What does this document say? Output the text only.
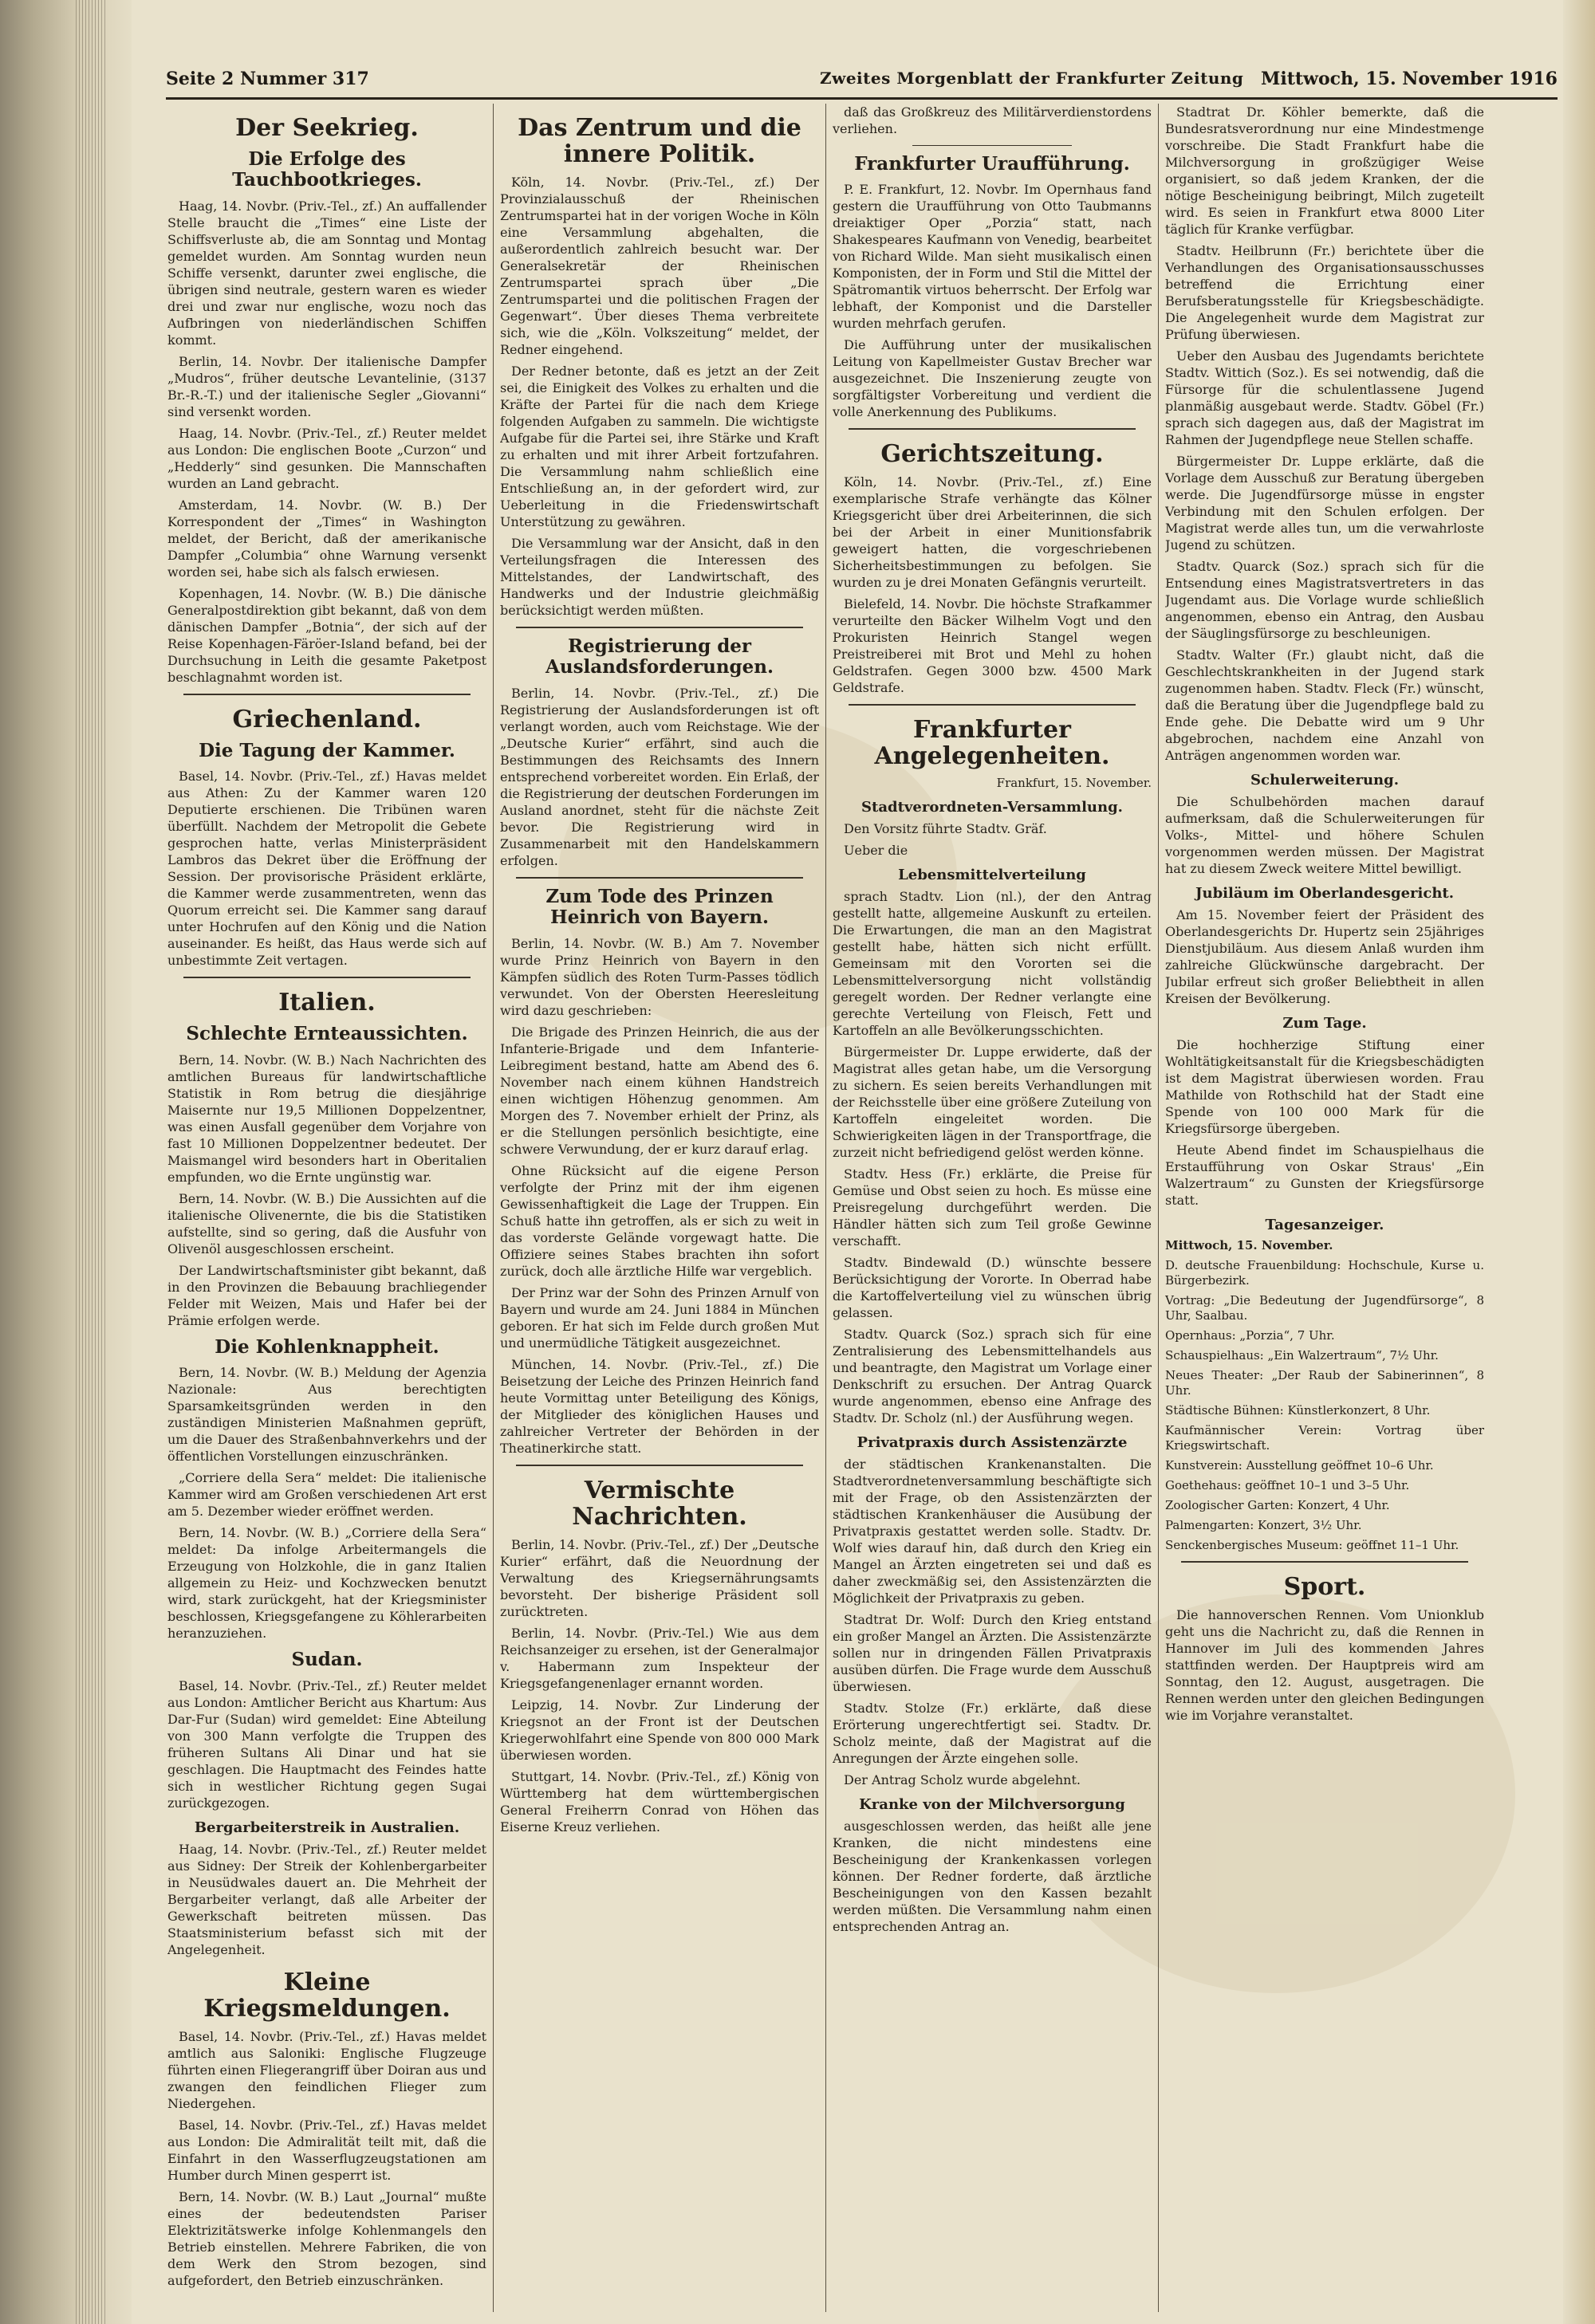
Seite 2 Nummer 317	Zweites Morgenblatt der Frankfurter Zeitung Mittwoch, 15. November 1916
Der Seekrieg.
Die Erfolge des Tauchbootkrieges.

Haag, 14. Novbr. (Priv.-Tel., zf.) An auffallender Stelle braucht die „Times“ eine Liste der Schiffsverluste ab, die am Sonntag und Montag gemeldet wurden. Am Sonntag wurden neun Schiffe versenkt, darunter zwei englische, die übrigen sind neutrale, gestern waren es wieder drei und zwar nur englische, wozu noch das Aufbringen von niederländischen Schiffen kommt.

Berlin, 14. Novbr. Der italienische Dampfer „Mudros“, früher deutsche Levantelinie, (3137 Br.-R.-T.) und der italienische Segler „Giovanni“ sind versenkt worden.

Haag, 14. Novbr. (Priv.-Tel., zf.) Reuter meldet aus London: Die englischen Boote „Curzon“ und „Hedderly“ sind gesunken. Die Mannschaften wurden an Land gebracht.

Amsterdam, 14. Novbr. (W. B.) Der Korrespondent der „Times“ in Washington meldet, der Bericht, daß der amerikanische Dampfer „Columbia“ ohne Warnung versenkt worden sei, habe sich als falsch erwiesen.

Kopenhagen, 14. Novbr. (W. B.) Die dänische Generalpostdirektion gibt bekannt, daß von dem dänischen Dampfer „Botnia“, der sich auf der Reise Kopenhagen-Färöer-Island befand, bei der Durchsuchung in Leith die gesamte Paketpost beschlagnahmt worden ist.

Griechenland.
Die Tagung der Kammer.

Basel, 14. Novbr. (Priv.-Tel., zf.) Havas meldet aus Athen: Zu der Kammer waren 120 Deputierte erschienen. Die Tribünen waren überfüllt. Nachdem der Metropolit die Gebete gesprochen hatte, verlas Ministerpräsident Lambros das Dekret über die Eröffnung der Session. Der provisorische Präsident erklärte, die Kammer werde zusammentreten, wenn das Quorum erreicht sei. Die Kammer sang darauf unter Hochrufen auf den König und die Nation auseinander. Es heißt, das Haus werde sich auf unbestimmte Zeit vertagen.

Italien.
Schlechte Ernteaussichten.

Bern, 14. Novbr. (W. B.) Nach Nachrichten des amtlichen Bureaus für landwirtschaftliche Statistik in Rom betrug die diesjährige Maisernte nur 19,5 Millionen Doppelzentner, was einen Ausfall gegenüber dem Vorjahre von fast 10 Millionen Doppelzentner bedeutet. Der Maismangel wird besonders hart in Oberitalien empfunden, wo die Ernte ungünstig war.

Bern, 14. Novbr. (W. B.) Die Aussichten auf die italienische Olivenernte, die bis die Statistiken aufstellte, sind so gering, daß die Ausfuhr von Olivenöl ausgeschlossen erscheint.

Der Landwirtschaftsminister gibt bekannt, daß in den Provinzen die Bebauung brachliegender Felder mit Weizen, Mais und Hafer bei der Prämie erfolgen werde.

Die Kohlenknappheit.

Bern, 14. Novbr. (W. B.) Meldung der Agenzia Nazionale: Aus berechtigten Sparsamkeitsgründen werden in den zuständigen Ministerien Maßnahmen geprüft, um die Dauer des Straßenbahnverkehrs und der öffentlichen Vorstellungen einzuschränken.

„Corriere della Sera“ meldet: Die italienische Kammer wird am Großen verschiedenen Art erst am 5. Dezember wieder eröffnet werden.

Bern, 14. Novbr. (W. B.) „Corriere della Sera“ meldet: Da infolge Arbeitermangels die Erzeugung von Holzkohle, die in ganz Italien allgemein zu Heiz- und Kochzwecken benutzt wird, stark zurückgeht, hat der Kriegsminister beschlossen, Kriegsgefangene zu Köhlerarbeiten heranzuziehen.

Sudan.

Basel, 14. Novbr. (Priv.-Tel., zf.) Reuter meldet aus London: Amtlicher Bericht aus Khartum: Aus Dar-Fur (Sudan) wird gemeldet: Eine Abteilung von 300 Mann verfolgte die Truppen des früheren Sultans Ali Dinar und hat sie geschlagen. Die Hauptmacht des Feindes hatte sich in westlicher Richtung gegen Sugai zurückgezogen.

Bergarbeiterstreik in Australien.

Haag, 14. Novbr. (Priv.-Tel., zf.) Reuter meldet aus Sidney: Der Streik der Kohlenbergarbeiter in Neusüdwales dauert an. Die Mehrheit der Bergarbeiter verlangt, daß alle Arbeiter der Gewerkschaft beitreten müssen. Das Staatsministerium befasst sich mit der Angelegenheit.

Kleine Kriegsmeldungen.

Basel, 14. Novbr. (Priv.-Tel., zf.) Havas meldet amtlich aus Saloniki: Englische Flugzeuge führten einen Fliegerangriff über Doiran aus und zwangen den feindlichen Flieger zum Niedergehen.

Basel, 14. Novbr. (Priv.-Tel., zf.) Havas meldet aus London: Die Admiralität teilt mit, daß die Einfahrt in den Wasserflugzeugstationen am Humber durch Minen gesperrt ist.

Bern, 14. Novbr. (W. B.) Laut „Journal“ mußte eines der bedeutendsten Pariser Elektrizitätswerke infolge Kohlenmangels den Betrieb einstellen. Mehrere Fabriken, die von dem Werk den Strom bezogen, sind aufgefordert, den Betrieb einzuschränken.

Das Zentrum und die innere Politik.

Köln, 14. Novbr. (Priv.-Tel., zf.) Der Provinzialausschuß der Rheinischen Zentrumspartei hat in der vorigen Woche in Köln eine Versammlung abgehalten, die außerordentlich zahlreich besucht war. Der Generalsekretär der Rheinischen Zentrumspartei sprach über „Die Zentrumspartei und die politischen Fragen der Gegenwart“. Über dieses Thema verbreitete sich, wie die „Köln. Volkszeitung“ meldet, der Redner eingehend.

Der Redner betonte, daß es jetzt an der Zeit sei, die Einigkeit des Volkes zu erhalten und die Kräfte der Partei für die nach dem Kriege folgenden Aufgaben zu sammeln. Die wichtigste Aufgabe für die Partei sei, ihre Stärke und Kraft zu erhalten und mit ihrer Arbeit fortzufahren. Die Versammlung nahm schließlich eine Entschließung an, in der gefordert wird, zur Ueberleitung in die Friedenswirtschaft Unterstützung zu gewähren.

Die Versammlung war der Ansicht, daß in den Verteilungsfragen die Interessen des Mittelstandes, der Landwirtschaft, des Handwerks und der Industrie gleichmäßig berücksichtigt werden müßten.

Registrierung der Auslandsforderungen.

Berlin, 14. Novbr. (Priv.-Tel., zf.) Die Registrierung der Auslandsforderungen ist oft verlangt worden, auch vom Reichstage. Wie der „Deutsche Kurier“ erfährt, sind auch die Bestimmungen des Reichsamts des Innern entsprechend vorbereitet worden. Ein Erlaß, der die Registrierung der deutschen Forderungen im Ausland anordnet, steht für die nächste Zeit bevor. Die Registrierung wird in Zusammenarbeit mit den Handelskammern erfolgen.

Zum Tode des Prinzen Heinrich von Bayern.

Berlin, 14. Novbr. (W. B.) Am 7. November wurde Prinz Heinrich von Bayern in den Kämpfen südlich des Roten Turm-Passes tödlich verwundet. Von der Obersten Heeresleitung wird dazu geschrieben:

Die Brigade des Prinzen Heinrich, die aus der Infanterie-Brigade und dem Infanterie-Leibregiment bestand, hatte am Abend des 6. November nach einem kühnen Handstreich einen wichtigen Höhenzug genommen. Am Morgen des 7. November erhielt der Prinz, als er die Stellungen persönlich besichtigte, eine schwere Verwundung, der er kurz darauf erlag.

Ohne Rücksicht auf die eigene Person verfolgte der Prinz mit der ihm eigenen Gewissenhaftigkeit die Lage der Truppen. Ein Schuß hatte ihn getroffen, als er sich zu weit in das vorderste Gelände vorgewagt hatte. Die Offiziere seines Stabes brachten ihn sofort zurück, doch alle ärztliche Hilfe war vergeblich.

Der Prinz war der Sohn des Prinzen Arnulf von Bayern und wurde am 24. Juni 1884 in München geboren. Er hat sich im Felde durch großen Mut und unermüdliche Tätigkeit ausgezeichnet.

München, 14. Novbr. (Priv.-Tel., zf.) Die Beisetzung der Leiche des Prinzen Heinrich fand heute Vormittag unter Beteiligung des Königs, der Mitglieder des königlichen Hauses und zahlreicher Vertreter der Behörden in der Theatinerkirche statt.

Vermischte Nachrichten.

Berlin, 14. Novbr. (Priv.-Tel., zf.) Der „Deutsche Kurier“ erfährt, daß die Neuordnung der Verwaltung des Kriegsernährungsamts bevorsteht. Der bisherige Präsident soll zurücktreten.

Berlin, 14. Novbr. (Priv.-Tel.) Wie aus dem Reichsanzeiger zu ersehen, ist der Generalmajor v. Habermann zum Inspekteur der Kriegsgefangenenlager ernannt worden.

Leipzig, 14. Novbr. Zur Linderung der Kriegsnot an der Front ist der Deutschen Kriegerwohlfahrt eine Spende von 800 000 Mark überwiesen worden.

Stuttgart, 14. Novbr. (Priv.-Tel., zf.) König von Württemberg hat dem württembergischen General Freiherrn Conrad von Höhen das Eiserne Kreuz verliehen.

daß das Großkreuz des Militärverdienstordens verliehen.

Frankfurter Uraufführung.

P. E. Frankfurt, 12. Novbr. Im Opernhaus fand gestern die Uraufführung von Otto Taubmanns dreiaktiger Oper „Porzia“ statt, nach Shakespeares Kaufmann von Venedig, bearbeitet von Richard Wilde. Man sieht musikalisch einen Komponisten, der in Form und Stil die Mittel der Spätromantik virtuos beherrscht. Der Erfolg war lebhaft, der Komponist und die Darsteller wurden mehrfach gerufen.

Die Aufführung unter der musikalischen Leitung von Kapellmeister Gustav Brecher war ausgezeichnet. Die Inszenierung zeugte von sorgfältigster Vorbereitung und verdient die volle Anerkennung des Publikums.

Gerichtszeitung.

Köln, 14. Novbr. (Priv.-Tel., zf.) Eine exemplarische Strafe verhängte das Kölner Kriegsgericht über drei Arbeiterinnen, die sich bei der Arbeit in einer Munitionsfabrik geweigert hatten, die vorgeschriebenen Sicherheitsbestimmungen zu befolgen. Sie wurden zu je drei Monaten Gefängnis verurteilt.

Bielefeld, 14. Novbr. Die höchste Strafkammer verurteilte den Bäcker Wilhelm Vogt und den Prokuristen Heinrich Stangel wegen Preistreiberei mit Brot und Mehl zu hohen Geldstrafen. Gegen 3000 bzw. 4500 Mark Geldstrafe.

Frankfurter Angelegenheiten.

Frankfurt, 15. November.

Stadtverordneten-Versammlung.

Den Vorsitz führte Stadtv. Gräf.

Ueber die

Lebensmittelverteilung

sprach Stadtv. Lion (nl.), der den Antrag gestellt hatte, allgemeine Auskunft zu erteilen. Die Erwartungen, die man an den Magistrat gestellt habe, hätten sich nicht erfüllt. Gemeinsam mit den Vororten sei die Lebensmittelversorgung nicht vollständig geregelt worden. Der Redner verlangte eine gerechte Verteilung von Fleisch, Fett und Kartoffeln an alle Bevölkerungsschichten.

Bürgermeister Dr. Luppe erwiderte, daß der Magistrat alles getan habe, um die Versorgung zu sichern. Es seien bereits Verhandlungen mit der Reichsstelle über eine größere Zuteilung von Kartoffeln eingeleitet worden. Die Schwierigkeiten lägen in der Transportfrage, die zurzeit nicht befriedigend gelöst werden könne.

Stadtv. Hess (Fr.) erklärte, die Preise für Gemüse und Obst seien zu hoch. Es müsse eine Preisregelung durchgeführt werden. Die Händler hätten sich zum Teil große Gewinne verschafft.

Stadtv. Bindewald (D.) wünschte bessere Berücksichtigung der Vororte. In Oberrad habe die Kartoffelverteilung viel zu wünschen übrig gelassen.

Stadtv. Quarck (Soz.) sprach sich für eine Zentralisierung des Lebensmittelhandels aus und beantragte, den Magistrat um Vorlage einer Denkschrift zu ersuchen. Der Antrag Quarck wurde angenommen, ebenso eine Anfrage des Stadtv. Dr. Scholz (nl.) der Ausführung wegen.

Privatpraxis durch Assistenzärzte

der städtischen Krankenanstalten. Die Stadtverordnetenversammlung beschäftigte sich mit der Frage, ob den Assistenzärzten der städtischen Krankenhäuser die Ausübung der Privatpraxis gestattet werden solle. Stadtv. Dr. Wolf wies darauf hin, daß durch den Krieg ein Mangel an Ärzten eingetreten sei und daß es daher zweckmäßig sei, den Assistenzärzten die Möglichkeit der Privatpraxis zu geben.

Stadtrat Dr. Wolf: Durch den Krieg entstand ein großer Mangel an Ärzten. Die Assistenzärzte sollen nur in dringenden Fällen Privatpraxis ausüben dürfen. Die Frage wurde dem Ausschuß überwiesen.

Stadtv. Stolze (Fr.) erklärte, daß diese Erörterung ungerechtfertigt sei. Stadtv. Dr. Scholz meinte, daß der Magistrat auf die Anregungen der Ärzte eingehen solle.

Der Antrag Scholz wurde abgelehnt.

Kranke von der Milchversorgung

ausgeschlossen werden, das heißt alle jene Kranken, die nicht mindestens eine Bescheinigung der Krankenkassen vorlegen können. Der Redner forderte, daß ärztliche Bescheinigungen von den Kassen bezahlt werden müßten. Die Versammlung nahm einen entsprechenden Antrag an.

Stadtrat Dr. Köhler bemerkte, daß die Bundesratsverordnung nur eine Mindestmenge vorschreibe. Die Stadt Frankfurt habe die Milchversorgung in großzügiger Weise organisiert, so daß jedem Kranken, der die nötige Bescheinigung beibringt, Milch zugeteilt wird. Es seien in Frankfurt etwa 8000 Liter täglich für Kranke verfügbar.

Stadtv. Heilbrunn (Fr.) berichtete über die Verhandlungen des Organisationsausschusses betreffend die Errichtung einer Berufsberatungsstelle für Kriegsbeschädigte. Die Angelegenheit wurde dem Magistrat zur Prüfung überwiesen.

Ueber den Ausbau des Jugendamts berichtete Stadtv. Wittich (Soz.). Es sei notwendig, daß die Fürsorge für die schulentlassene Jugend planmäßig ausgebaut werde. Stadtv. Göbel (Fr.) sprach sich dagegen aus, daß der Magistrat im Rahmen der Jugendpflege neue Stellen schaffe.

Bürgermeister Dr. Luppe erklärte, daß die Vorlage dem Ausschuß zur Beratung übergeben werde. Die Jugendfürsorge müsse in engster Verbindung mit den Schulen erfolgen. Der Magistrat werde alles tun, um die verwahrloste Jugend zu schützen.

Stadtv. Quarck (Soz.) sprach sich für die Entsendung eines Magistratsvertreters in das Jugendamt aus. Die Vorlage wurde schließlich angenommen, ebenso ein Antrag, den Ausbau der Säuglingsfürsorge zu beschleunigen.

Stadtv. Walter (Fr.) glaubt nicht, daß die Geschlechtskrankheiten in der Jugend stark zugenommen haben. Stadtv. Fleck (Fr.) wünscht, daß die Beratung über die Jugendpflege bald zu Ende gehe. Die Debatte wird um 9 Uhr abgebrochen, nachdem eine Anzahl von Anträgen angenommen worden war.

Schulerweiterung.

Die Schulbehörden machen darauf aufmerksam, daß die Schulerweiterungen für Volks-, Mittel- und höhere Schulen vorgenommen werden müssen. Der Magistrat hat zu diesem Zweck weitere Mittel bewilligt.

Jubiläum im Oberlandesgericht.

Am 15. November feiert der Präsident des Oberlandesgerichts Dr. Hupertz sein 25jähriges Dienstjubiläum. Aus diesem Anlaß wurden ihm zahlreiche Glückwünsche dargebracht. Der Jubilar erfreut sich großer Beliebtheit in allen Kreisen der Bevölkerung.

Zum Tage.

Die hochherzige Stiftung einer Wohltätigkeitsanstalt für die Kriegsbeschädigten ist dem Magistrat überwiesen worden. Frau Mathilde von Rothschild hat der Stadt eine Spende von 100 000 Mark für die Kriegsfürsorge übergeben.

Heute Abend findet im Schauspielhaus die Erstaufführung von Oskar Straus' „Ein Walzertraum“ zu Gunsten der Kriegsfürsorge statt.

Tagesanzeiger.

Mittwoch, 15. November.

D. deutsche Frauenbildung: Hochschule, Kurse u. Bürgerbezirk.

Vortrag: „Die Bedeutung der Jugendfürsorge“, 8 Uhr, Saalbau.

Opernhaus: „Porzia“, 7 Uhr.

Schauspielhaus: „Ein Walzertraum“, 7½ Uhr.

Neues Theater: „Der Raub der Sabinerinnen“, 8 Uhr.

Städtische Bühnen: Künstlerkonzert, 8 Uhr.

Kaufmännischer Verein: Vortrag über Kriegswirtschaft.

Kunstverein: Ausstellung geöffnet 10–6 Uhr.

Goethehaus: geöffnet 10–1 und 3–5 Uhr.

Zoologischer Garten: Konzert, 4 Uhr.

Palmengarten: Konzert, 3½ Uhr.

Senckenbergisches Museum: geöffnet 11–1 Uhr.

Sport.

Die hannoverschen Rennen. Vom Unionklub geht uns die Nachricht zu, daß die Rennen in Hannover im Juli des kommenden Jahres stattfinden werden. Der Hauptpreis wird am Sonntag, den 12. August, ausgetragen. Die Rennen werden unter den gleichen Bedingungen wie im Vorjahre veranstaltet.
